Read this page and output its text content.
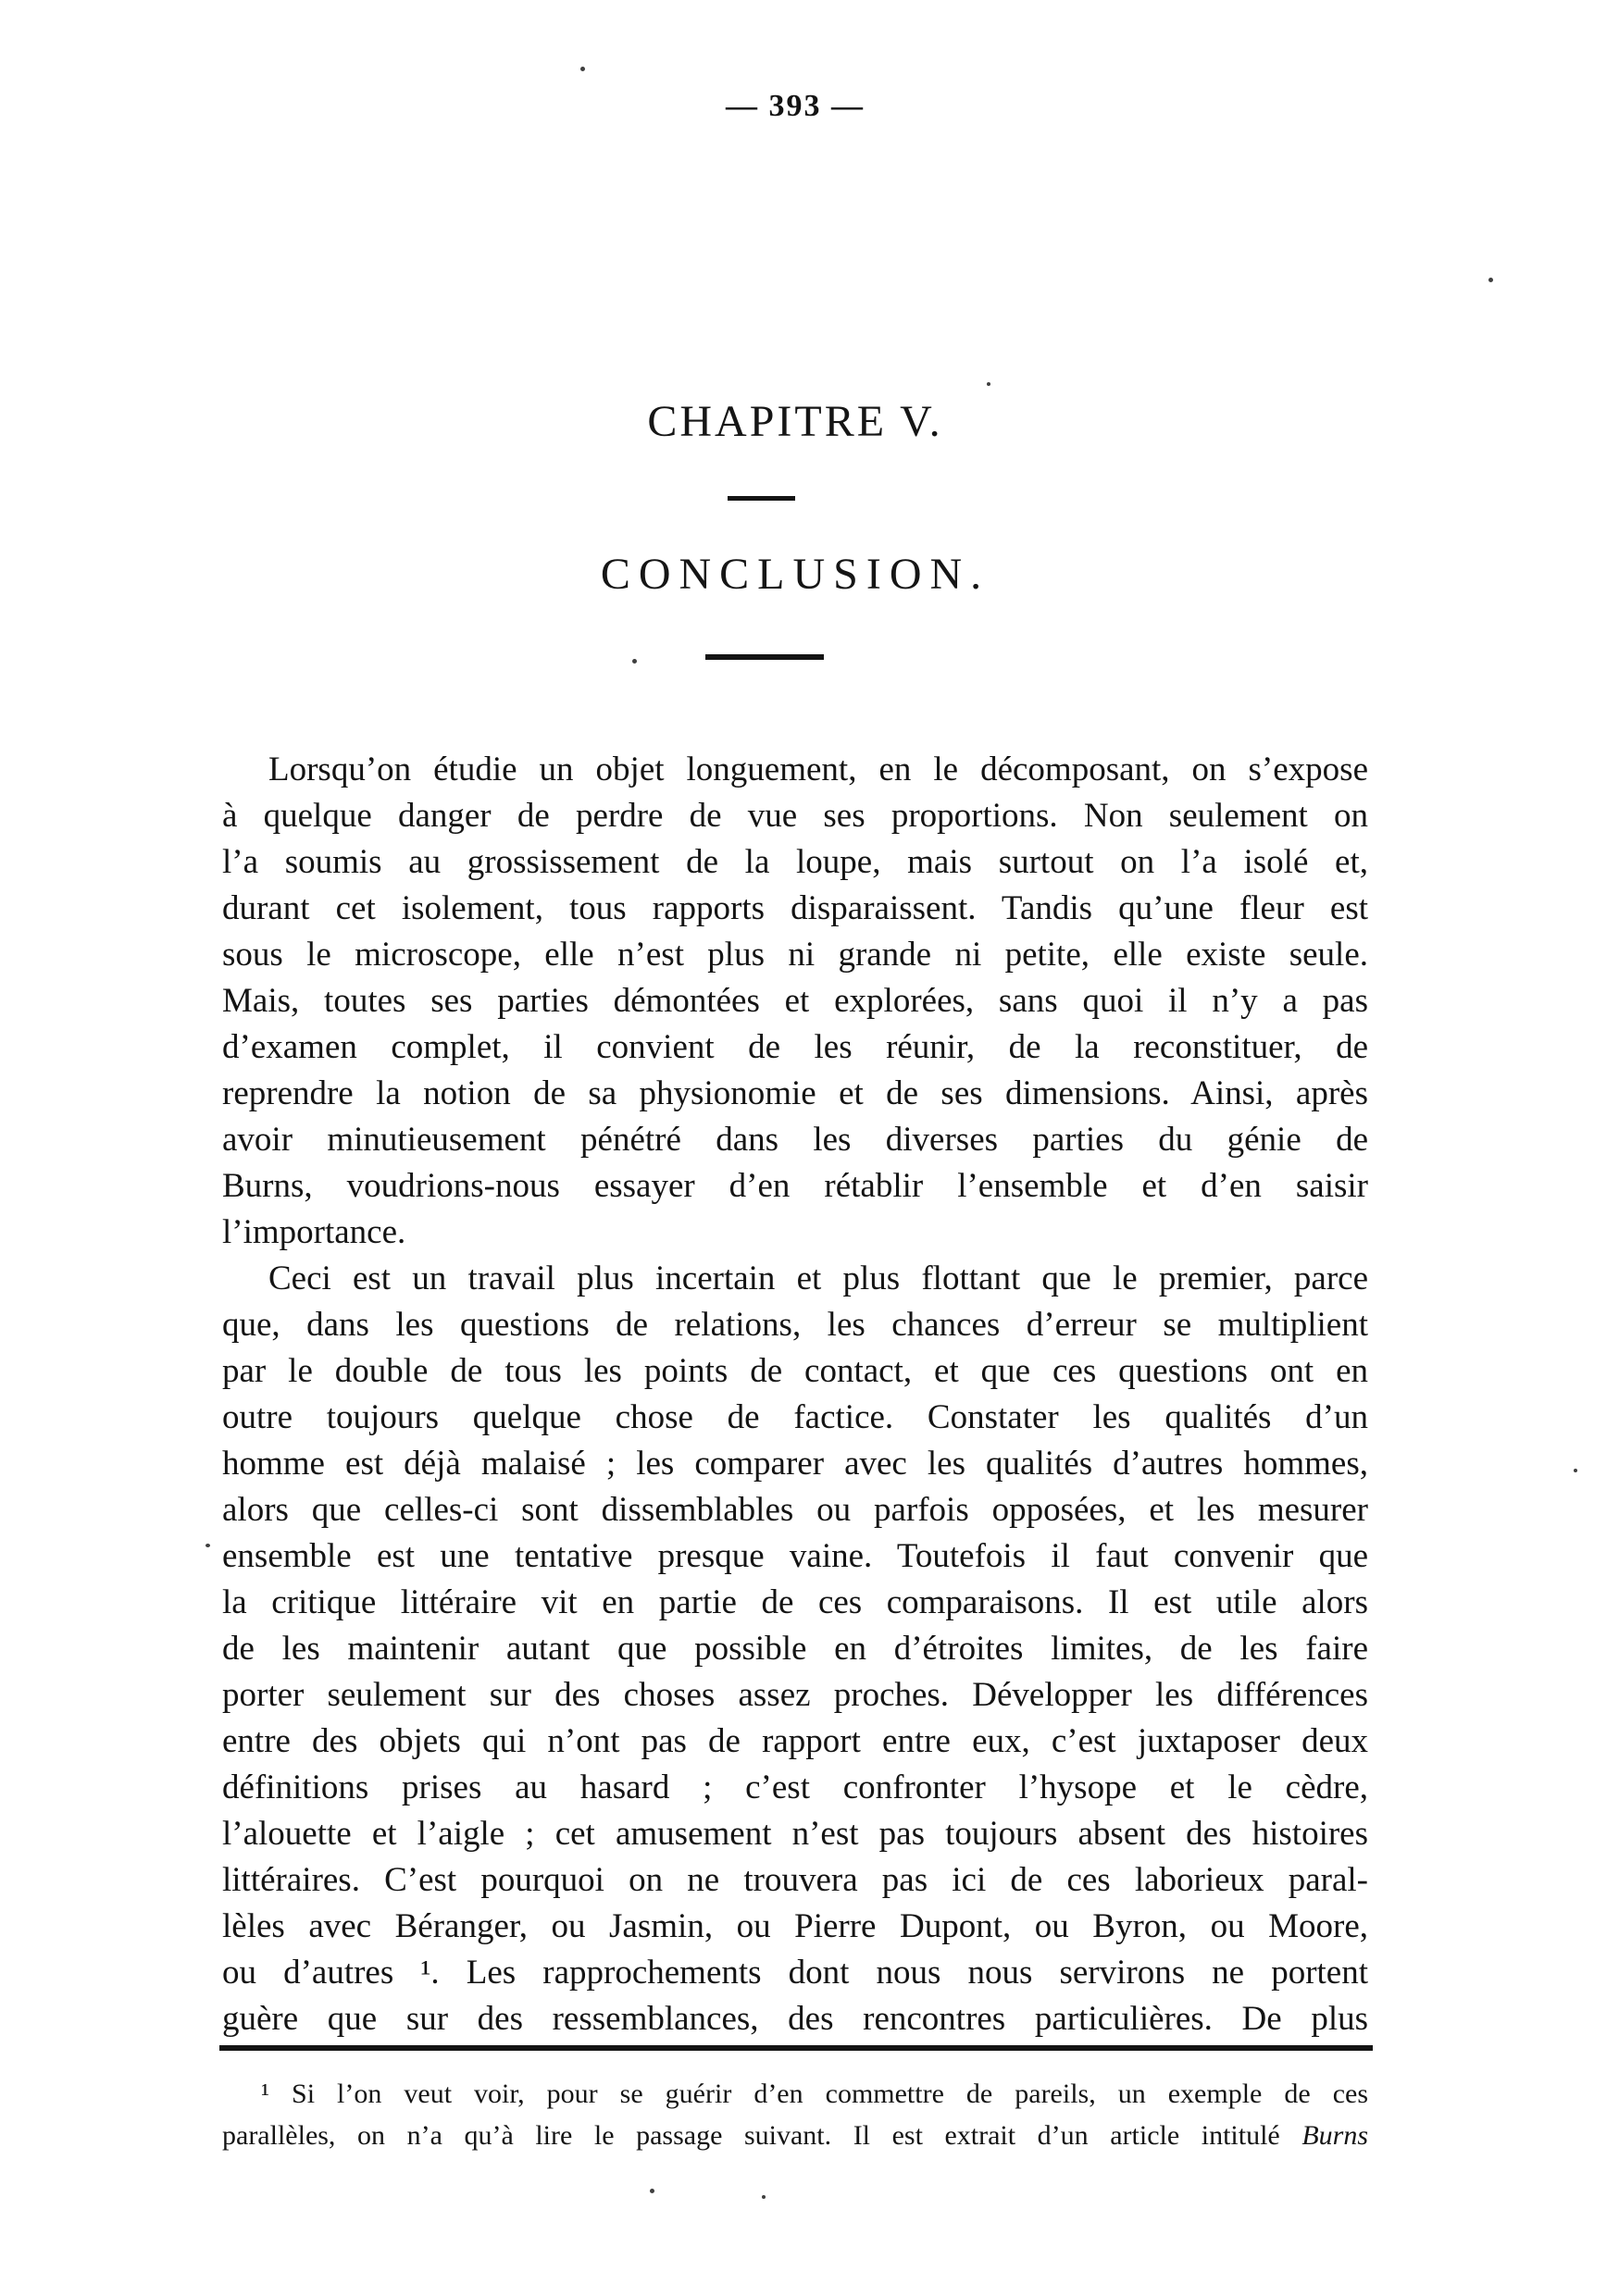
— 393 —
CHAPITRE V.
CONCLUSION.
Lorsqu’on étudie un objet longuement, en le décomposant, on s’expose
à quelque danger de perdre de vue ses proportions. Non seulement on
l’a soumis au grossissement de la loupe, mais surtout on l’a isolé et,
durant cet isolement, tous rapports disparaissent. Tandis qu’une fleur est
sous le microscope, elle n’est plus ni grande ni petite, elle existe seule.
Mais, toutes ses parties démontées et explorées, sans quoi il n’y a pas
d’examen complet, il convient de les réunir, de la reconstituer, de
reprendre la notion de sa physionomie et de ses dimensions. Ainsi, après
avoir minutieusement pénétré dans les diverses parties du génie de
Burns, voudrions-nous essayer d’en rétablir l’ensemble et d’en saisir
l’importance.
Ceci est un travail plus incertain et plus flottant que le premier, parce
que, dans les questions de relations, les chances d’erreur se multiplient
par le double de tous les points de contact, et que ces questions ont en
outre toujours quelque chose de factice. Constater les qualités d’un
homme est déjà malaisé ; les comparer avec les qualités d’autres hommes,
alors que celles-ci sont dissemblables ou parfois opposées, et les mesurer
ensemble est une tentative presque vaine. Toutefois il faut convenir que
la critique littéraire vit en partie de ces comparaisons. Il est utile alors
de les maintenir autant que possible en d’étroites limites, de les faire
porter seulement sur des choses assez proches. Développer les différences
entre des objets qui n’ont pas de rapport entre eux, c’est juxtaposer deux
définitions prises au hasard ; c’est confronter l’hysope et le cèdre,
l’alouette et l’aigle ; cet amusement n’est pas toujours absent des histoires
littéraires. C’est pourquoi on ne trouvera pas ici de ces laborieux paral-
lèles avec Béranger, ou Jasmin, ou Pierre Dupont, ou Byron, ou Moore,
ou d’autres ¹. Les rapprochements dont nous nous servirons ne portent
guère que sur des ressemblances, des rencontres particulières. De plus
¹ Si l’on veut voir, pour se guérir d’en commettre de pareils, un exemple de ces
parallèles, on n’a qu’à lire le passage suivant. Il est extrait d’un article intitulé Burns
